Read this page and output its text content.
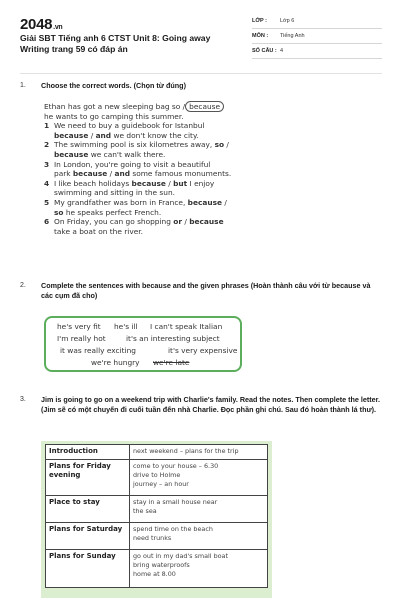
2048.vn
Giải SBT Tiếng anh 6 CTST Unit 8: Going away Writing trang 59 có đáp án
LỚP :	Lớp 6
MÔN :	Tiếng Anh
SỐ CÂU : 4
1. Choose the correct words. (Chọn từ đúng)
Ethan has got a new sleeping bag so / because
he wants to go camping this summer.
1 We need to buy a guidebook for Istanbul
because / and we don't know the city.
2 The swimming pool is six kilometres away, so /
because we can't walk there.
3 In London, you're going to visit a beautiful
park because / and some famous monuments.
4 I like beach holidays because / but I enjoy
swimming and sitting in the sun.
5 My grandfather was born in France, because /
so he speaks perfect French.
6 On Friday, you can go shopping or / because
take a boat on the river.
2. Complete the sentences with because and the given phrases (Hoàn thành câu với từ because và các cụm đã cho)
he's very fit he's ill I can't speak Italian
I'm really hot	it's an interesting subject
it was really exciting	it's very expensive
we're hungry we're late
3. Jim is going to go on a weekend trip with Charlie's family. Read the notes. Then complete the letter. (Jim sẽ có một chuyến đi cuối tuần đến nhà Charlie. Đọc phần ghi chú. Sau đó hoàn thành lá thư).
Introduction	next weekend – plans for the trip

Plans for Friday evening	come to your house – 6.30
drive to Holme
journey – an hour

Place to stay	stay in a small house near
the sea

Plans for Saturday	spend time on the beach
need trunks

Plans for Sunday	go out in my dad's small boat
bring waterproofs
home at 8.00
